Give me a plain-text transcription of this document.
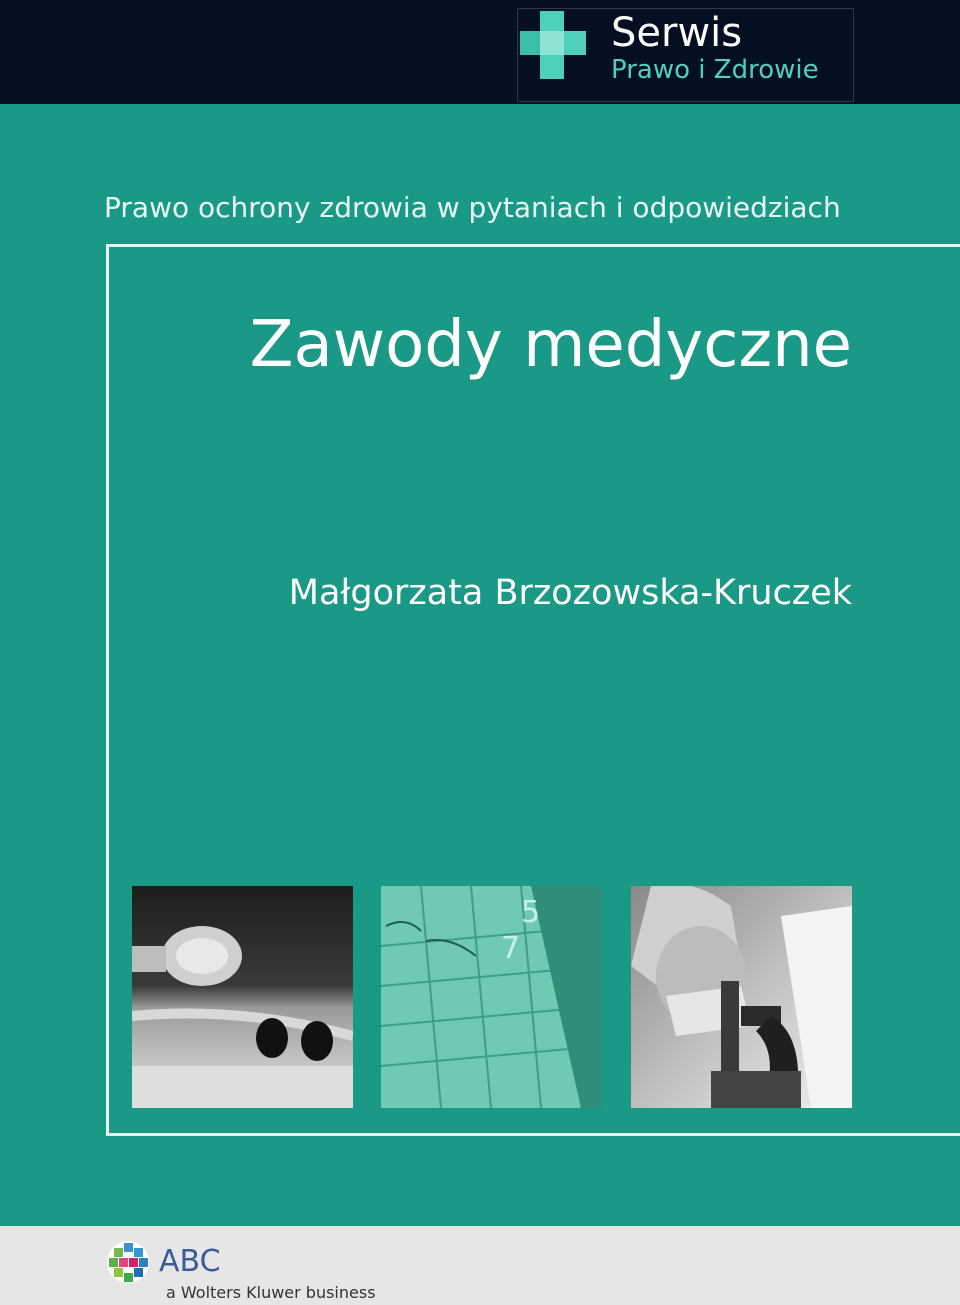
Serwis
Prawo i Zdrowie
Prawo ochrony zdrowia w pytaniach i odpowiedziach
Zawody medyczne
Małgorzata Brzozowska-Kruczek
5
7
ABC
a Wolters Kluwer business
